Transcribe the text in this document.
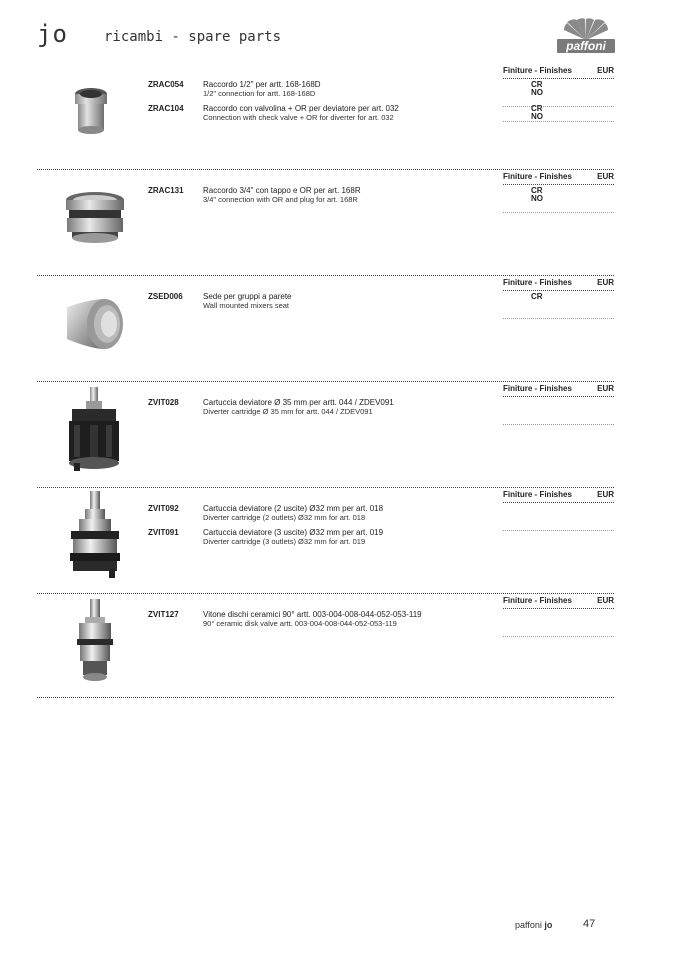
jo	ricambi - spare parts
paffoni
Finiture - Finishes	EUR
ZRAC054 Raccordo 1/2" per artt. 168-168D
1/2" connection for artt. 168-168D
CR
NO
ZRAC104 Raccordo con valvolina + OR per deviatore per art. 032
Connection with check valve + OR for diverter for art. 032
CR
NO
Finiture - Finishes	EUR
ZRAC131 Raccordo 3/4" con tappo e OR per art. 168R
3/4" connection with OR and plug for art. 168R
CR
NO
Finiture - Finishes	EUR
ZSED006	Sede per gruppi a parete
Wall mounted mixers seat
CR
Finiture - Finishes	EUR
ZVIT028	Cartuccia deviatore Ø 35 mm per artt. 044 / ZDEV091
Diverter cartridge Ø 35 mm for artt. 044 / ZDEV091
Finiture - Finishes	EUR
ZVIT092	Cartuccia deviatore (2 uscite) Ø32 mm per art. 018
Diverter cartridge (2 outlets) Ø32 mm for art. 018
ZVIT091	Cartuccia deviatore (3 uscite) Ø32 mm per art. 019
Diverter cartridge (3 outlets) Ø32 mm for art. 019
Finiture - Finishes	EUR
ZVIT127	Vitone dischi ceramici 90° artt. 003-004-008-044-052-053-119
90° ceramic disk valve artt. 003-004-008-044-052-053-119
paffoni jo	47
